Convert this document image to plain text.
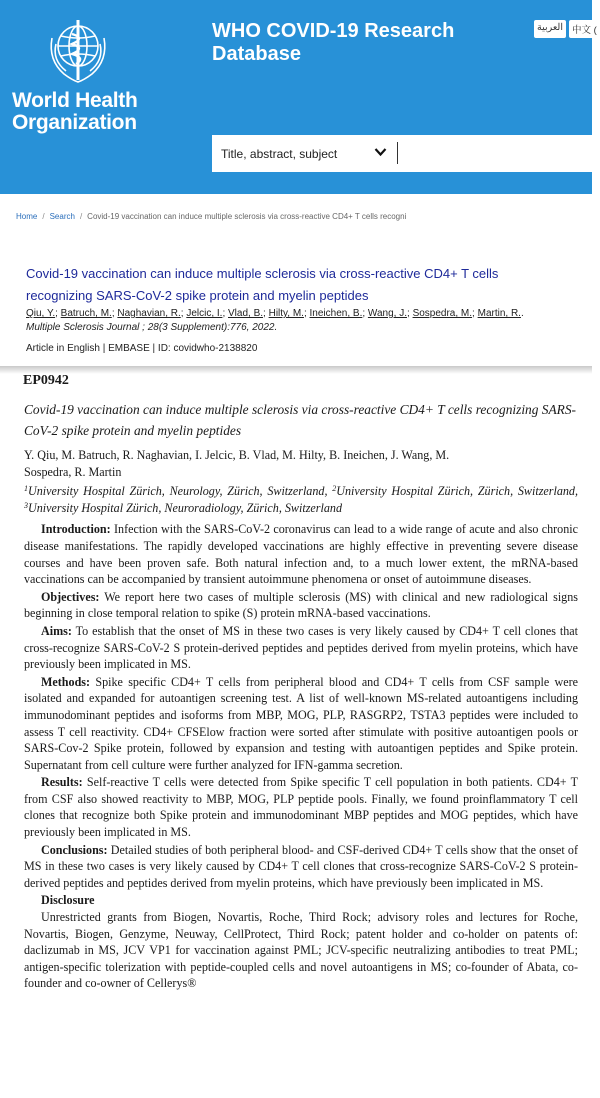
World Health
Organization
WHO COVID-19 Research
Database
العربية 中文 (
Title, abstract, subject
Home / Search / Covid-19 vaccination can induce multiple sclerosis via cross-reactive CD4+ T cells recogni
Covid-19 vaccination can induce multiple sclerosis via cross-reactive CD4+ T cells
recognizing SARS-CoV-2 spike protein and myelin peptides
Qiu, Y.; Batruch, M.; Naghavian, R.; Jelcic, I.; Vlad, B.; Hilty, M.; Ineichen, B.; Wang, J.; Sospedra, M.; Martin, R..
Multiple Sclerosis Journal ; 28(3 Supplement):776, 2022.
Article in English | EMBASE | ID: covidwho-2138820
EP0942
Covid-19 vaccination can induce multiple sclerosis via cross-reactive CD4+ T cells recognizing SARS-CoV-2 spike protein and myelin peptides
Y. Qiu, M. Batruch, R. Naghavian, I. Jelcic, B. Vlad, M. Hilty, B. Ineichen, J. Wang, M.
Sospedra, R. Martin
$^1$University Hospital Zürich, Neurology, Zürich, Switzerland, $^2$University Hospital Zürich, Zürich, Switzerland, $^3$University Hospital Zürich, Neuroradiology, Zürich, Switzerland

Introduction: Infection with the SARS-CoV-2 coronavirus can lead to a wide range of acute and also chronic disease manifestations. The rapidly developed vaccinations are highly effective in preventing severe disease courses and have been proven safe. Both natural infection and, to a much lower extent, the mRNA-based vaccinations can be accompanied by transient autoimmune phenomena or onset of autoimmune diseases.

Objectives: We report here two cases of multiple sclerosis (MS) with clinical and new radiological signs beginning in close temporal relation to spike (S) protein mRNA-based vaccinations.

Aims: To establish that the onset of MS in these two cases is very likely caused by CD4+ T cell clones that cross-recognize SARS-CoV-2 S protein-derived peptides and peptides derived from myelin proteins, which have previously been implicated in MS.

Methods: Spike specific CD4+ T cells from peripheral blood and CD4+ T cells from CSF sample were isolated and expanded for autoantigen screening test. A list of well-known MS-related autoantigens including immunodominant peptides and isoforms from MBP, MOG, PLP, RASGRP2, TSTA3 peptides were included to assess T cell reactivity. CD4+ CFSElow fraction were sorted after stimulate with positive autoantigen pools or SARS-Cov-2 Spike protein, followed by expansion and testing with autoantigen peptides and Spike protein. Supernatant from cell culture were further analyzed for IFN-gamma secretion.

Results: Self-reactive T cells were detected from Spike specific T cell population in both patients. CD4+ T from CSF also showed reactivity to MBP, MOG, PLP peptide pools. Finally, we found proinflammatory T cell clones that recognize both Spike protein and immunodominant MBP peptides and MOG peptides, which have previously been implicated in MS.

Conclusions: Detailed studies of both peripheral blood- and CSF-derived CD4+ T cells show that the onset of MS in these two cases is very likely caused by CD4+ T cell clones that cross-recognize SARS-CoV-2 S protein-derived peptides and peptides derived from myelin proteins, which have previously been implicated in MS.

Disclosure

Unrestricted grants from Biogen, Novartis, Roche, Third Rock; advisory roles and lectures for Roche, Novartis, Biogen, Genzyme, Neuway, CellProtect, Third Rock; patent holder and co-holder on patents of: daclizumab in MS, JCV VP1 for vaccination against PML; JCV-specific neutralizing antibodies to treat PML; antigen-specific tolerization with peptide-coupled cells and novel autoantigens in MS; co-founder of Abata, co-founder and co-owner of Cellerys®
